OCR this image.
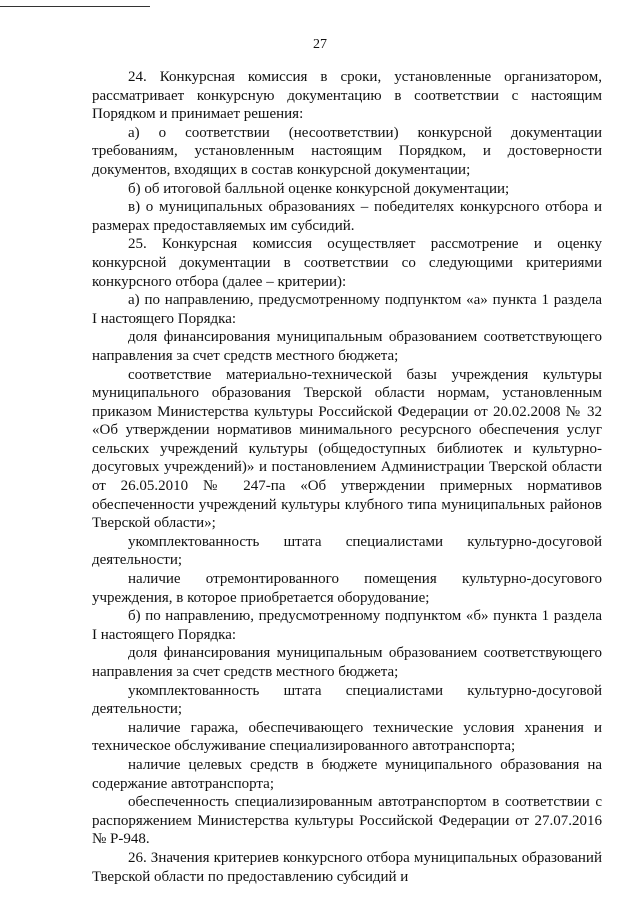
27

24. Конкурсная комиссия в сроки, установленные организатором, рассматривает конкурсную документацию в соответствии с настоящим Порядком и принимает решения:

а) о соответствии (несоответствии) конкурсной документации требованиям, установленным настоящим Порядком, и достоверности документов, входящих в состав конкурсной документации;

б) об итоговой балльной оценке конкурсной документации;

в) о муниципальных образованиях – победителях конкурсного отбора и размерах предоставляемых им субсидий.

25. Конкурсная комиссия осуществляет рассмотрение и оценку конкурсной документации в соответствии со следующими критериями конкурсного отбора (далее – критерии):

а) по направлению, предусмотренному подпунктом «а» пункта 1 раздела I настоящего Порядка:

доля финансирования муниципальным образованием соответствующего направления за счет средств местного бюджета;

соответствие материально-технической базы учреждения культуры муниципального образования Тверской области нормам, установленным приказом Министерства культуры Российской Федерации от 20.02.2008 № 32 «Об утверждении нормативов минимального ресурсного обеспечения услуг сельских учреждений культуры (общедоступных библиотек и культурно-досуговых учреждений)» и постановлением Администрации Тверской области от 26.05.2010 № 247-па «Об утверждении примерных нормативов обеспеченности учреждений культуры клубного типа муниципальных районов Тверской области»;

укомплектованность штата специалистами культурно-досуговой деятельности;

наличие отремонтированного помещения культурно-досугового учреждения, в которое приобретается оборудование;

б) по направлению, предусмотренному подпунктом «б» пункта 1 раздела I настоящего Порядка:

доля финансирования муниципальным образованием соответствующего направления за счет средств местного бюджета;

укомплектованность штата специалистами культурно-досуговой деятельности;

наличие гаража, обеспечивающего технические условия хранения и техническое обслуживание специализированного автотранспорта;

наличие целевых средств в бюджете муниципального образования на содержание автотранспорта;

обеспеченность специализированным автотранспортом в соответствии с распоряжением Министерства культуры Российской Федерации от 27.07.2016 № Р-948.

26. Значения критериев конкурсного отбора муниципальных образований Тверской области по предоставлению субсидий и
